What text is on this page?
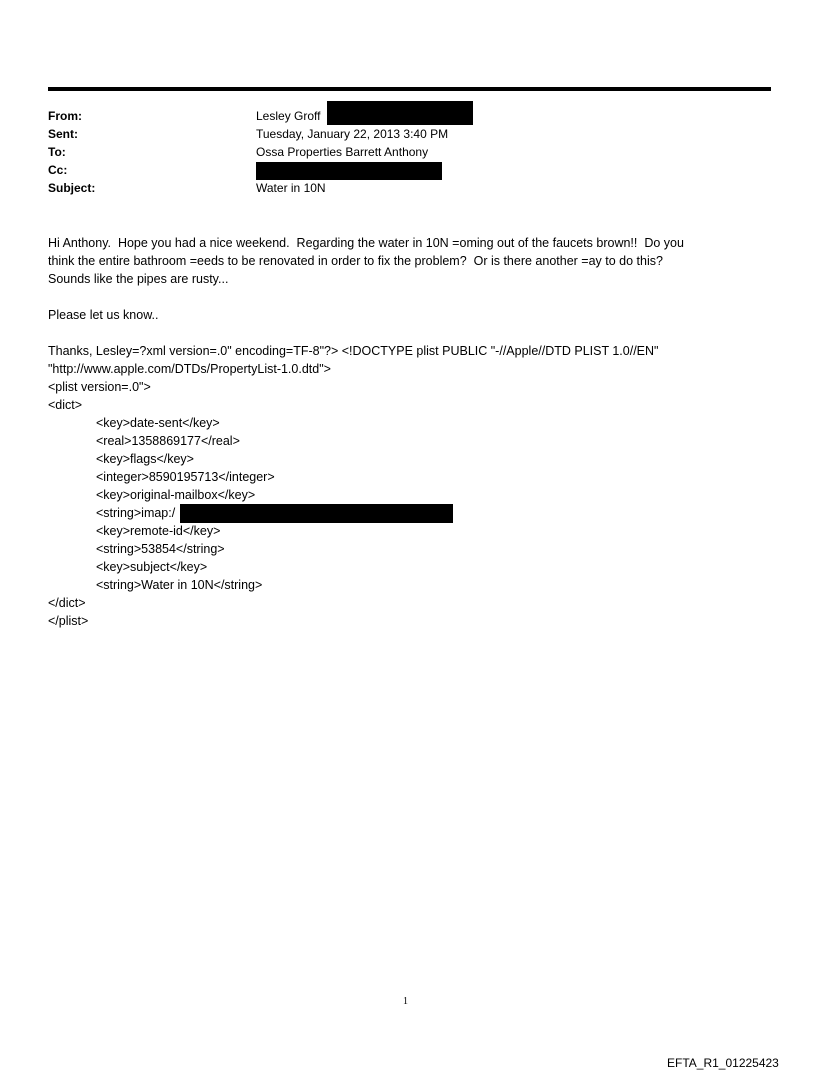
From:	Lesley Groff
Sent:	Tuesday, January 22, 2013 3:40 PM
To:	Ossa Properties Barrett Anthony
Cc:
Subject:	Water in 10N
Hi Anthony.  Hope you had a nice weekend.  Regarding the water in 10N =oming out of the faucets brown!!  Do you
think the entire bathroom =eeds to be renovated in order to fix the problem?  Or is there another =ay to do this?
Sounds like the pipes are rusty...
Please let us know..
Thanks, Lesley=?xml version=.0" encoding=TF-8"?> <!DOCTYPE plist PUBLIC "-//Apple//DTD PLIST 1.0//EN"
"http://www.apple.com/DTDs/PropertyList-1.0.dtd">
<plist version=.0">
<dict>
<key>date-sent</key>
<real>1358869177</real>
<key>flags</key>
<integer>8590195713</integer>
<key>original-mailbox</key>
<string>imap:/
<key>remote-id</key>
<string>53854</string>
<key>subject</key>
<string>Water in 10N</string>
</dict>
</plist>
1
EFTA_R1_01225423
